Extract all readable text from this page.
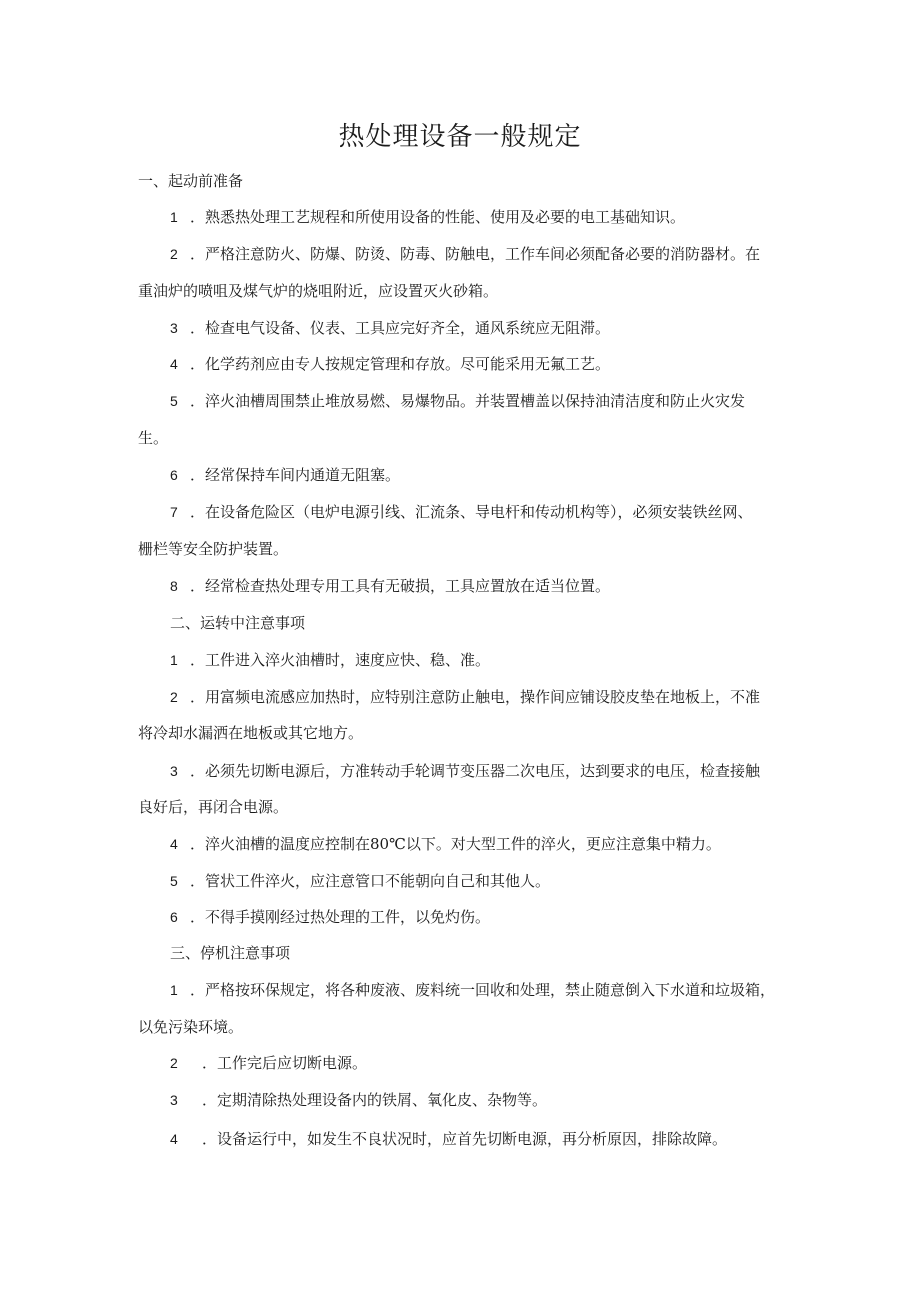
热处理设备一般规定
一、起动前准备
1 ．熟悉热处理工艺规程和所使用设备的性能、使用及必要的电工基础知识。
2 ．严格注意防火、防爆、防烫、防毒、防触电，工作车间必须配备必要的消防器材。在
重油炉的喷咀及煤气炉的烧咀附近，应设置灭火砂箱。
3 ．检查电气设备、仪表、工具应完好齐全，通风系统应无阻滞。
4 ．化学药剂应由专人按规定管理和存放。尽可能采用无氟工艺。
5 ．淬火油槽周围禁止堆放易燃、易爆物品。并装置槽盖以保持油清洁度和防止火灾发
生。
6 ．经常保持车间内通道无阻塞。
7 ．在设备危险区（电炉电源引线、汇流条、导电杆和传动机构等），必须安装铁丝网、
栅栏等安全防护装置。
8 ．经常检查热处理专用工具有无破损，工具应置放在适当位置。
二、运转中注意事项
1 ．工件进入淬火油槽时，速度应快、稳、准。
2 ．用富频电流感应加热时，应特别注意防止触电，操作间应铺设胶皮垫在地板上，不准
将冷却水漏洒在地板或其它地方。
3 ．必须先切断电源后，方准转动手轮调节变压器二次电压，达到要求的电压，检查接触
良好后，再闭合电源。
4 ．淬火油槽的温度应控制在80℃以下。对大型工件的淬火，更应注意集中精力。
5 ．管状工件淬火，应注意管口不能朝向自己和其他人。
6 ．不得手摸刚经过热处理的工件，以免灼伤。
三、停机注意事项
1 ．严格按环保规定，将各种废液、废料统一回收和处理，禁止随意倒入下水道和垃圾箱，
以免污染环境。
2 ．工作完后应切断电源。
3 ．定期清除热处理设备内的铁屑、氧化皮、杂物等。
4 ．设备运行中，如发生不良状况时，应首先切断电源，再分析原因，排除故障。
